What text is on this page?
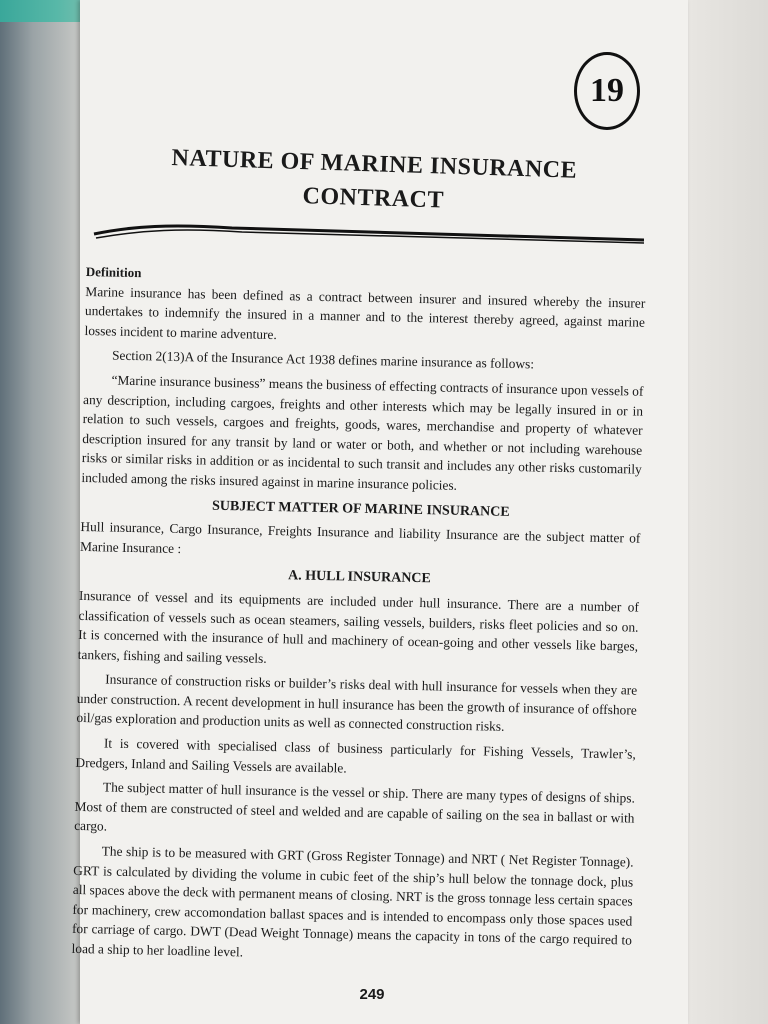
19
NATURE OF MARINE INSURANCE
CONTRACT

Definition

Marine insurance has been defined as a contract between insurer and insured whereby the insurer undertakes to indemnify the insured in a manner and to the interest thereby agreed, against marine losses incident to marine adventure.

Section 2(13)A of the Insurance Act 1938 defines marine insurance as follows:

“Marine insurance business” means the business of effecting contracts of insurance upon vessels of any description, including cargoes, freights and other interests which may be legally insured in or in relation to such vessels, cargoes and freights, goods, wares, merchandise and property of whatever description insured for any transit by land or water or both, and whether or not including warehouse risks or similar risks in addition or as incidental to such transit and includes any other risks customarily included among the risks insured against in marine insurance policies.

SUBJECT MATTER OF MARINE INSURANCE

Hull insurance, Cargo Insurance, Freights Insurance and liability Insurance are the subject matter of Marine Insurance :

A. HULL INSURANCE

Insurance of vessel and its equipments are included under hull insurance. There are a number of classification of vessels such as ocean steamers, sailing vessels, builders, risks fleet policies and so on. It is concerned with the insurance of hull and machinery of ocean-going and other vessels like barges, tankers, fishing and sailing vessels.

Insurance of construction risks or builder’s risks deal with hull insurance for vessels when they are under construction. A recent development in hull insurance has been the growth of insurance of offshore oil/gas exploration and production units as well as connected construction risks.

It is covered with specialised class of business particularly for Fishing Vessels, Trawler’s, Dredgers, Inland and Sailing Vessels are available.

The subject matter of hull insurance is the vessel or ship. There are many types of designs of ships. Most of them are constructed of steel and welded and are capable of sailing on the sea in ballast or with cargo.

The ship is to be measured with GRT (Gross Register Tonnage) and NRT ( Net Register Tonnage). GRT is calculated by dividing the volume in cubic feet of the ship’s hull below the tonnage dock, plus all spaces above the deck with permanent means of closing. NRT is the gross tonnage less certain spaces for machinery, crew accomondation ballast spaces and is intended to encompass only those spaces used for carriage of cargo. DWT (Dead Weight Tonnage) means the capacity in tons of the cargo required to load a ship to her loadline level.

249
